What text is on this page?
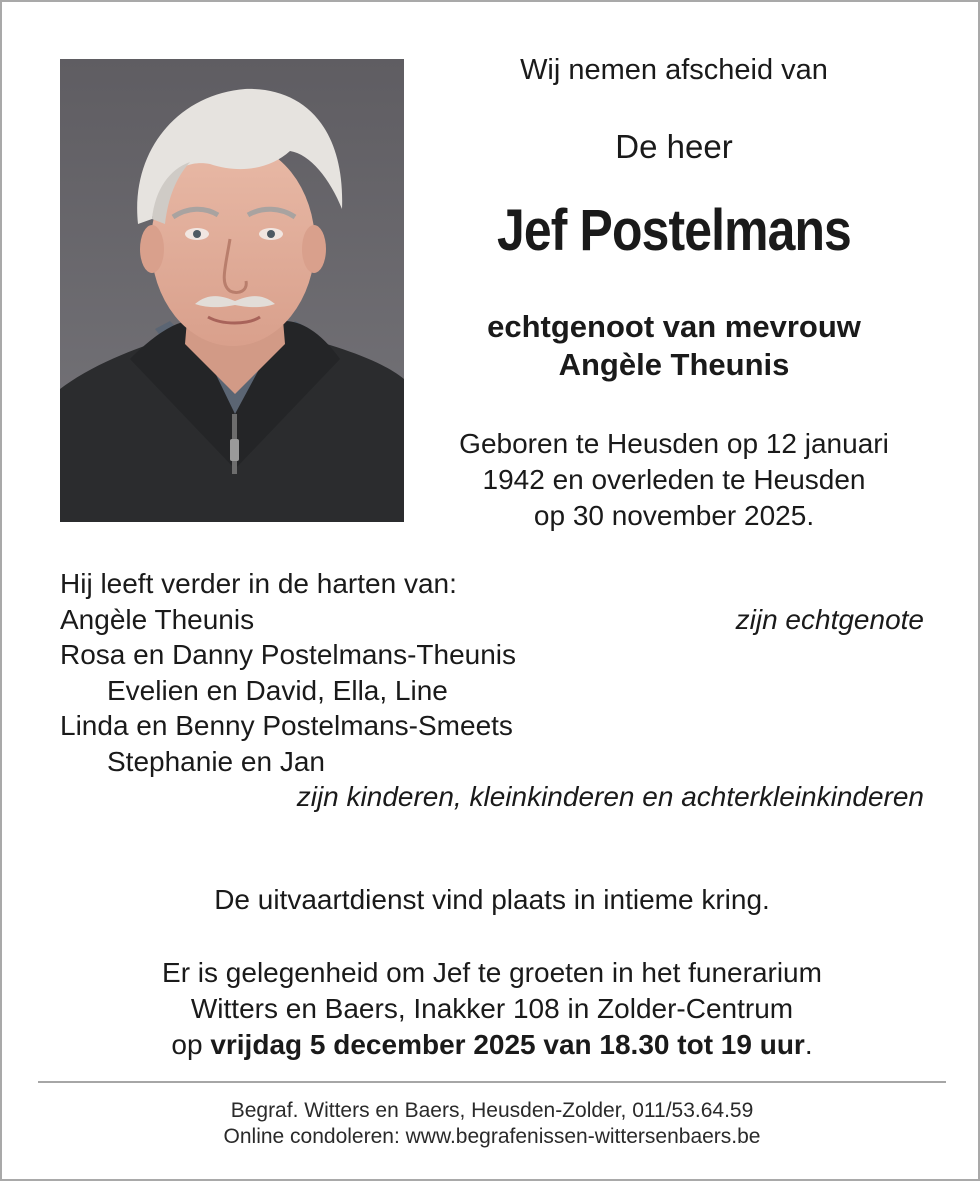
Wij nemen afscheid van
De heer
Jef Postelmans
echtgenoot van mevrouw
Angèle Theunis
Geboren te Heusden op 12 januari
1942 en overleden te Heusden
op 30 november 2025.
Hij leeft verder in de harten van:
Angèle Theunis	zijn echtgenote
Rosa en Danny Postelmans-Theunis
Evelien en David, Ella, Line
Linda en Benny Postelmans-Smeets
Stephanie en Jan
zijn kinderen, kleinkinderen en achterkleinkinderen
De uitvaartdienst vind plaats in intieme kring.
Er is gelegenheid om Jef te groeten in het funerarium
Witters en Baers, Inakker 108 in Zolder-Centrum
op vrijdag 5 december 2025 van 18.30 tot 19 uur.
Begraf. Witters en Baers, Heusden-Zolder, 011/53.64.59
Online condoleren: www.begrafenissen-wittersenbaers.be
